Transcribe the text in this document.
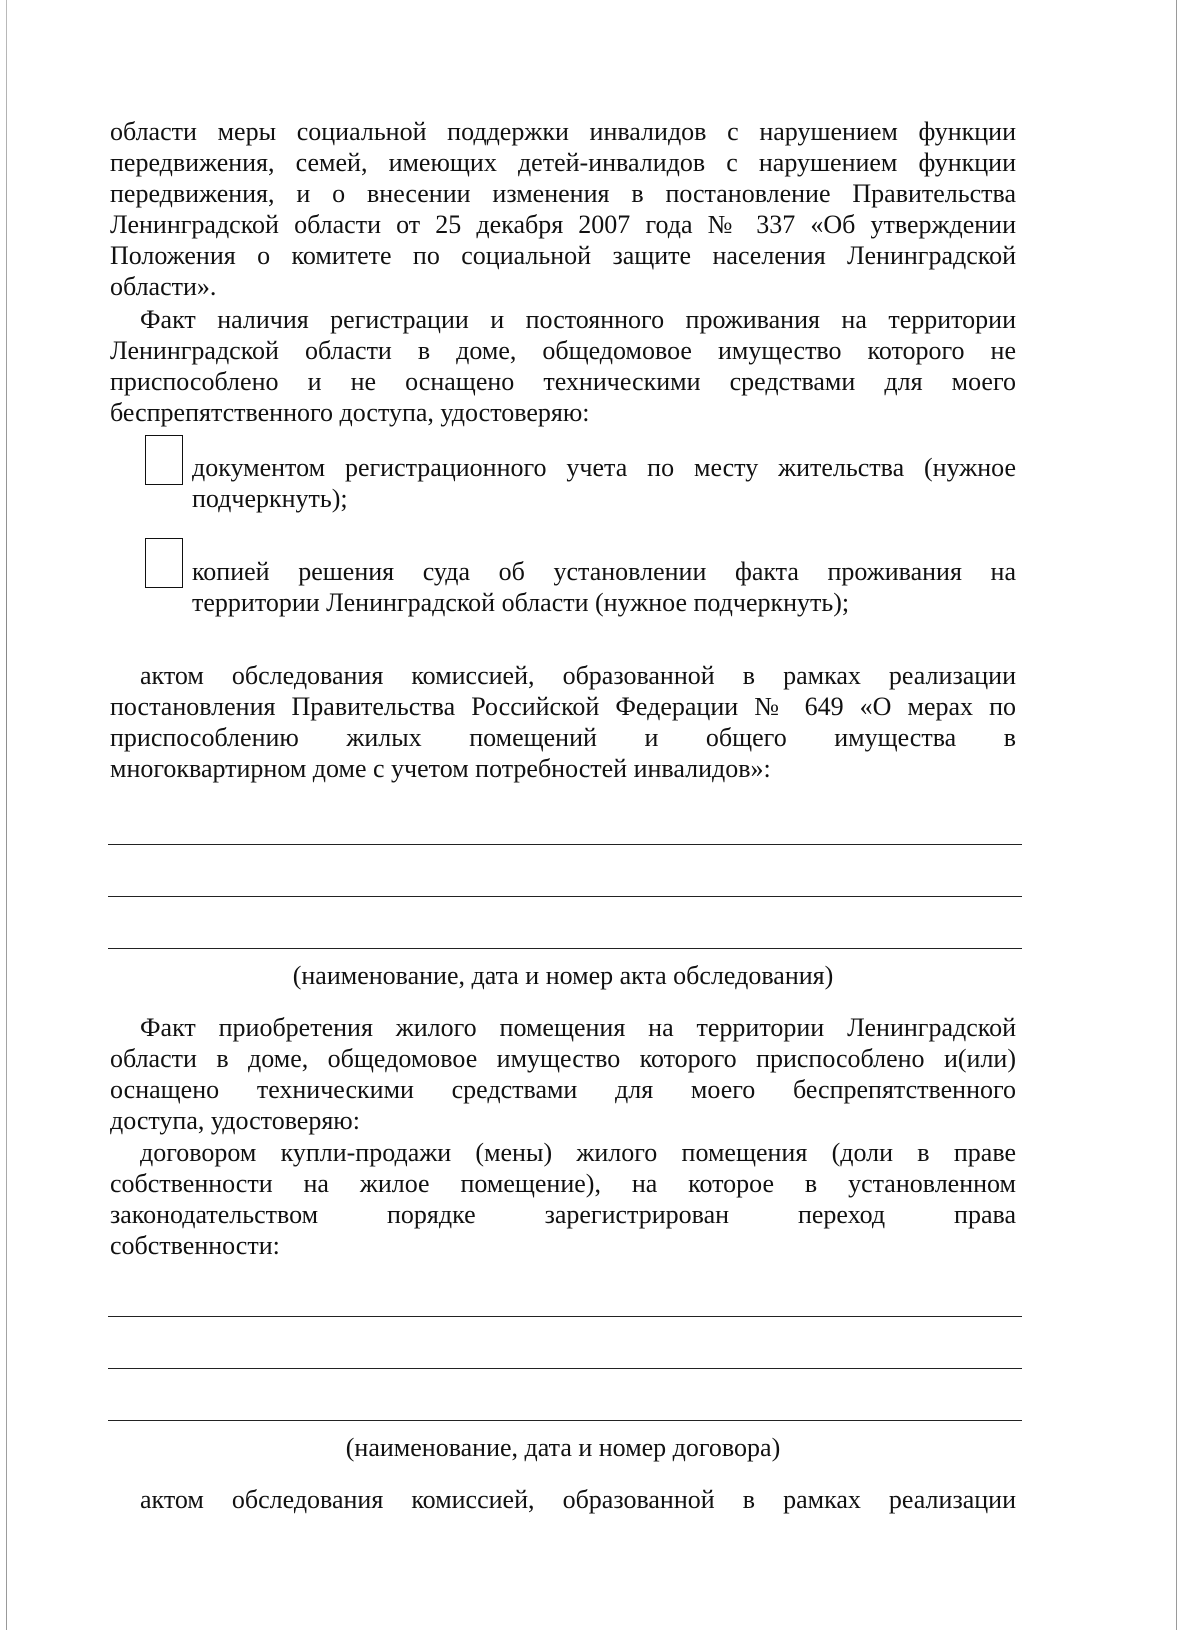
области меры социальной поддержки инвалидов с нарушением функции
передвижения, семей, имеющих детей-инвалидов с нарушением функции
передвижения, и о внесении изменения в постановление Правительства
Ленинградской области от 25 декабря 2007 года № 337 «Об утверждении
Положения о комитете по социальной защите населения Ленинградской
области».
Факт наличия регистрации и постоянного проживания на территории
Ленинградской области в доме, общедомовое имущество которого не
приспособлено и не оснащено техническими средствами для моего
беспрепятственного доступа, удостоверяю:
документом регистрационного учета по месту жительства (нужное
подчеркнуть);
копией решения суда об установлении факта проживания на
территории Ленинградской области (нужное подчеркнуть);
актом обследования комиссией, образованной в рамках реализации
постановления Правительства Российской Федерации № 649 «О мерах по
приспособлению жилых помещений и общего имущества в
многоквартирном доме с учетом потребностей инвалидов»:
(наименование, дата и номер акта обследования)
Факт приобретения жилого помещения на территории Ленинградской
области в доме, общедомовое имущество которого приспособлено и(или)
оснащено техническими средствами для моего беспрепятственного
доступа, удостоверяю:
договором купли-продажи (мены) жилого помещения (доли в праве
собственности на жилое помещение), на которое в установленном
законодательством порядке зарегистрирован переход права
собственности:
(наименование, дата и номер договора)
актом обследования комиссией, образованной в рамках реализации
